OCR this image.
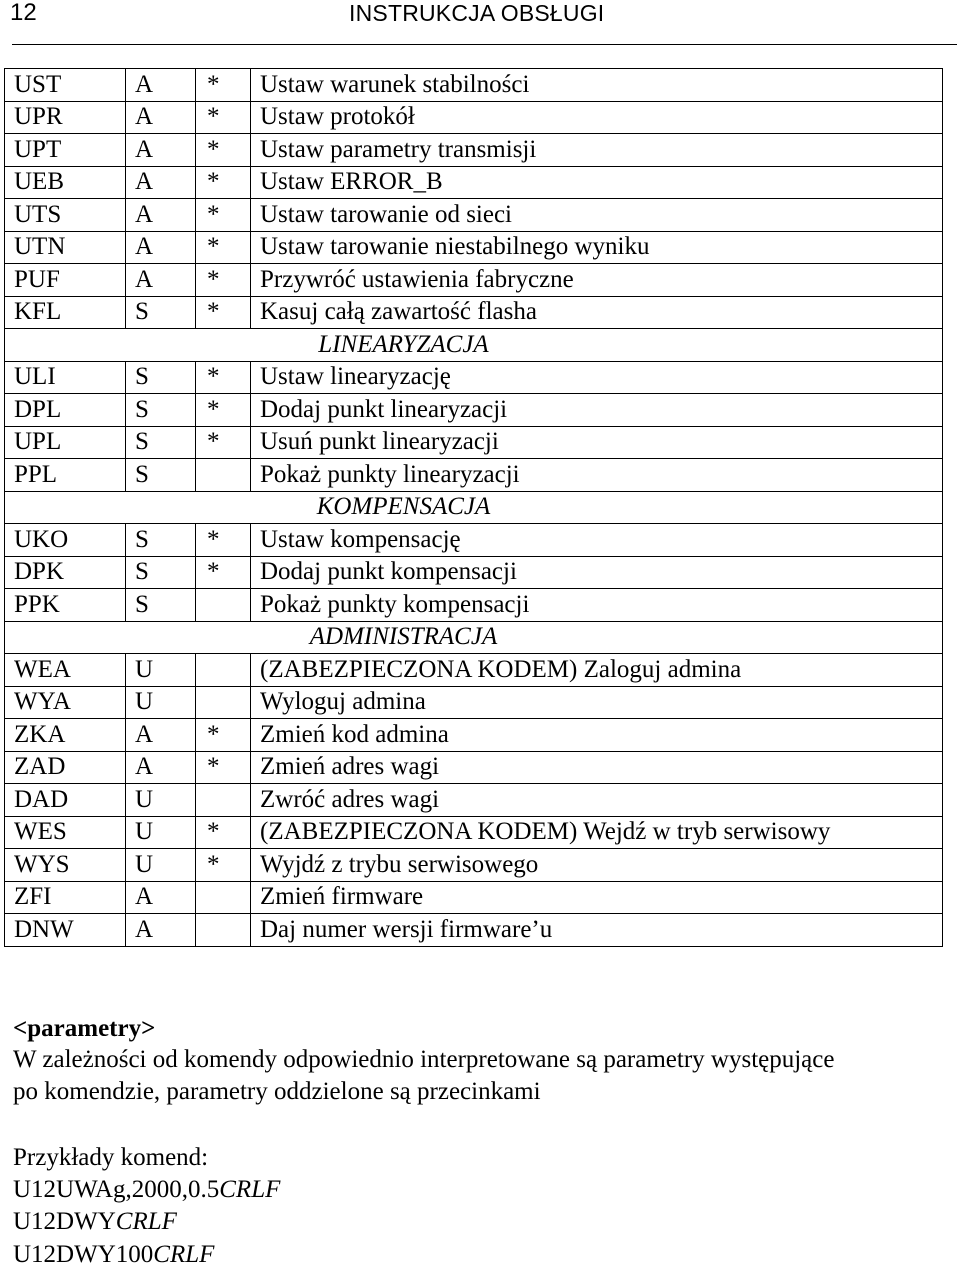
12	INSTRUKCJA OBSŁUGI
UST	A	*	Ustaw warunek stabilności
UPR	A	*	Ustaw protokół
UPT	A	*	Ustaw parametry transmisji
UEB	A	*	Ustaw ERROR_B
UTS	A	*	Ustaw tarowanie od sieci
UTN	A	*	Ustaw tarowanie niestabilnego wyniku
PUF	A	*	Przywróć ustawienia fabryczne
KFL	S	*	Kasuj całą zawartość flasha
LINEARYZACJA			
ULI	S	*	Ustaw linearyzację
DPL	S	*	Dodaj punkt linearyzacji
UPL	S	*	Usuń punkt linearyzacji
PPL	S		Pokaż punkty linearyzacji
KOMPENSACJA			
UKO	S	*	Ustaw kompensację
DPK	S	*	Dodaj punkt kompensacji
PPK	S		Pokaż punkty kompensacji
ADMINISTRACJA			
WEA	U		(ZABEZPIECZONA KODEM) Zaloguj admina
WYA	U		Wyloguj admina
ZKA	A	*	Zmień kod admina
ZAD	A	*	Zmień adres wagi
DAD	U		Zwróć adres wagi
WES	U	*	(ZABEZPIECZONA KODEM) Wejdź w tryb serwisowy
WYS	U	*	Wyjdź z trybu serwisowego
ZFI	A		Zmień firmware
DNW	A		Daj numer wersji firmware’u
<parametry>
W zależności od komendy odpowiednio interpretowane są parametry występujące
po komendzie, parametry oddzielone są przecinkami
Przykłady komend:
U12UWAg,2000,0.5CRLF
U12DWYCRLF
U12DWY100CRLF
